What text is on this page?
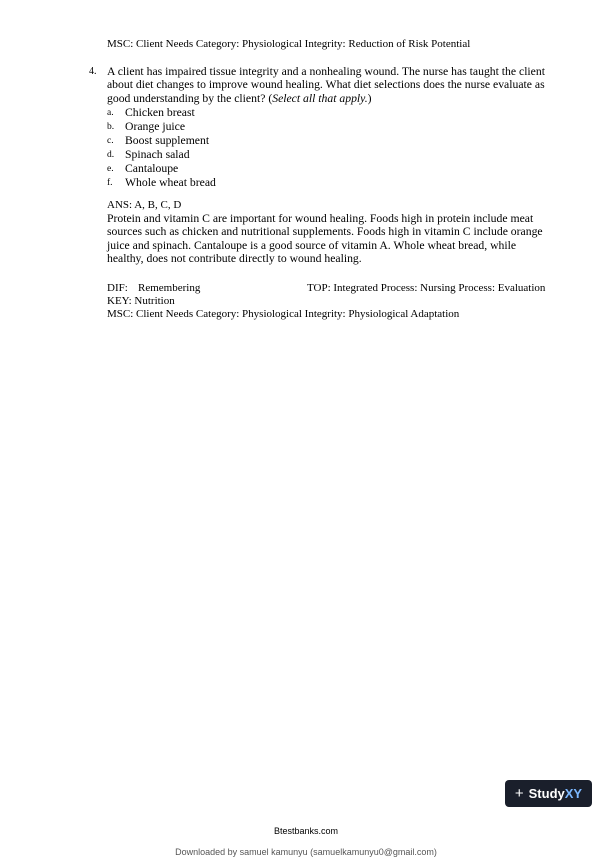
MSC: Client Needs Category: Physiological Integrity: Reduction of Risk Potential
4. A client has impaired tissue integrity and a nonhealing wound. The nurse has taught the client

about diet changes to improve wound healing. What diet selections does the nurse evaluate as

good understanding by the client? (Select all that apply.)

a. Chicken breast
b. Orange juice
c. Boost supplement
d. Spinach salad
e. Cantaloupe
f. Whole wheat bread
ANS: A, B, C, D

Protein and vitamin C are important for wound healing. Foods high in protein include meat

sources such as chicken and nutritional supplements. Foods high in vitamin C include orange

juice and spinach. Cantaloupe is a good source of vitamin A. Whole wheat bread, while

healthy, does not contribute directly to wound healing.

DIF: Remembering	TOP: Integrated Process: Nursing Process: Evaluation
KEY: Nutrition
MSC: Client Needs Category: Physiological Integrity: Physiological Adaptation
+ Study XY
Btestbanks.com
Downloaded by samuel kamunyu (samuelkamunyu0@gmail.com)
